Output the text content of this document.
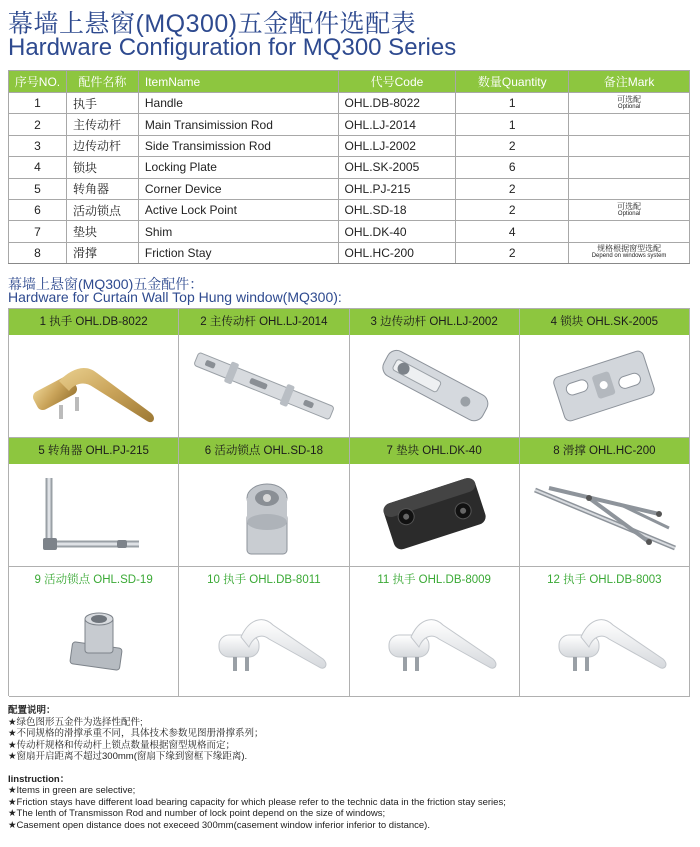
幕墙上悬窗(MQ300)五金配件选配表
Hardware Configuration for MQ300 Series
序号NO.	配件名称	ItemName	代号Code	数量Quantity	备注Mark
1	执手	Handle	OHL.DB-8022	1	可选配
Optional

2	主传动杆	Main Transimission Rod	OHL.LJ-2014	1	
3	边传动杆	Side Transimission Rod	OHL.LJ-2002	2	
4	锁块	Locking Plate	OHL.SK-2005	6	
5	转角器	Corner Device	OHL.PJ-215	2	
6	活动锁点	Active Lock Point	OHL.SD-18	2	可选配
Optional

7	垫块	Shim	OHL.DK-40	4	
8	滑撑	Friction Stay	OHL.HC-200	2	规格根据窗型选配
Depend on windows system
幕墙上悬窗(MQ300)五金配件：
Hardware for Curtain Wall Top Hung window(MQ300):
1 执手 OHL.DB-8022	2 主传动杆 OHL.LJ-2014	3 边传动杆 OHL.LJ-2002	4 锁块 OHL.SK-2005
5 转角器 OHL.PJ-215	6 活动锁点 OHL.SD-18	7 垫块 OHL.DK-40	8 滑撑 OHL.HC-200
9 活动锁点 OHL.SD-19	10 执手 OHL.DB-8011	11 执手 OHL.DB-8009	12 执手 OHL.DB-8003
配置说明：
★绿色图形五金件为选择性配件;
★不同规格的滑撑承重不同，具体技术参数见图册滑撑系列；
★传动杆规格和传动杆上锁点数量根据窗型规格而定；
★窗扇开启距离不超过300mm(窗扇下缘到窗框下缘距离).
Iinstruction：
★Items in green are selective;
★Friction stays have different load bearing capacity for which please refer to the technic data in the friction stay series;
★The lenth of Transmisson Rod and number of lock point depend on the size of windows;
★Casement open distance does not execeed 300mm(casement window inferior inferior to distance).
